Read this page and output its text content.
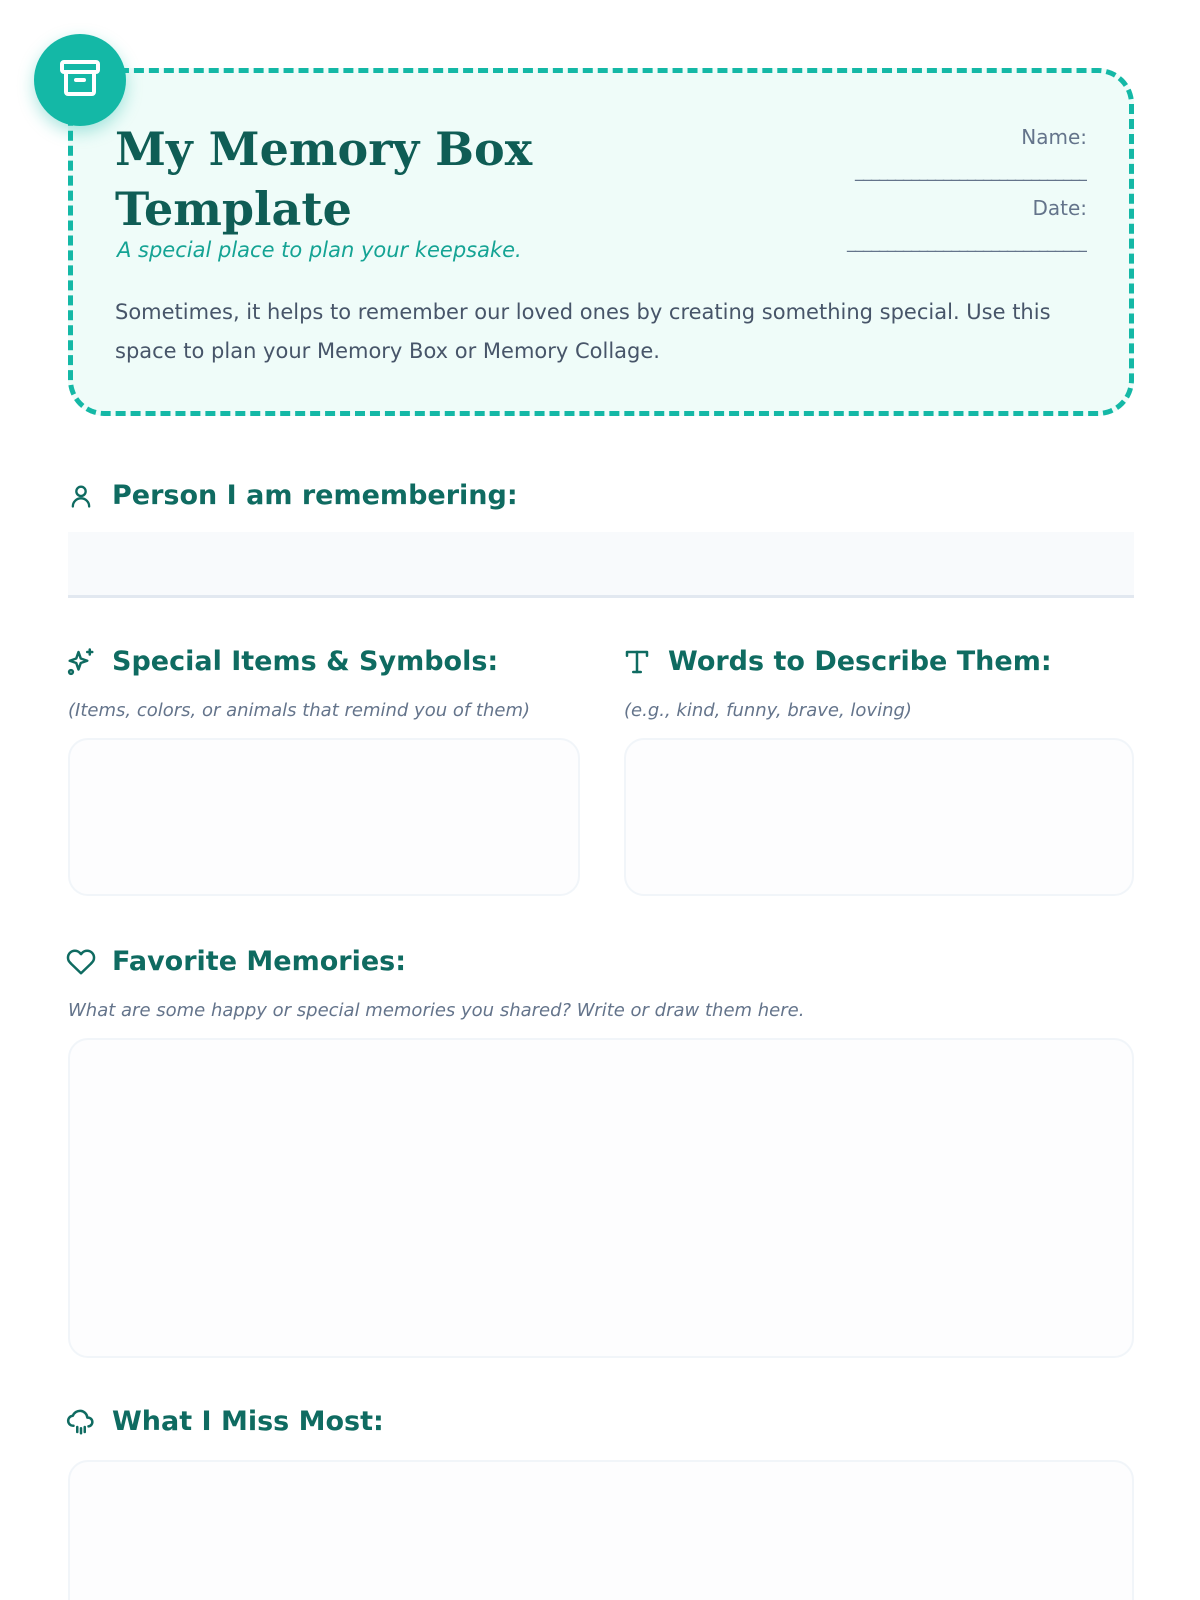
My Memory Box Template

A special place to plan your keepsake.

Name:
_____________________________
Date:
______________________________

Sometimes, it helps to remember our loved ones by creating something special. Use this space to plan your Memory Box or Memory Collage.

Person I am remembering:
Special Items & Symbols:

(Items, colors, or animals that remind you of them)

Words to Describe Them:

(e.g., kind, funny, brave, loving)

Favorite Memories:

What are some happy or special memories you shared? Write or draw them here.

What I Miss Most:
